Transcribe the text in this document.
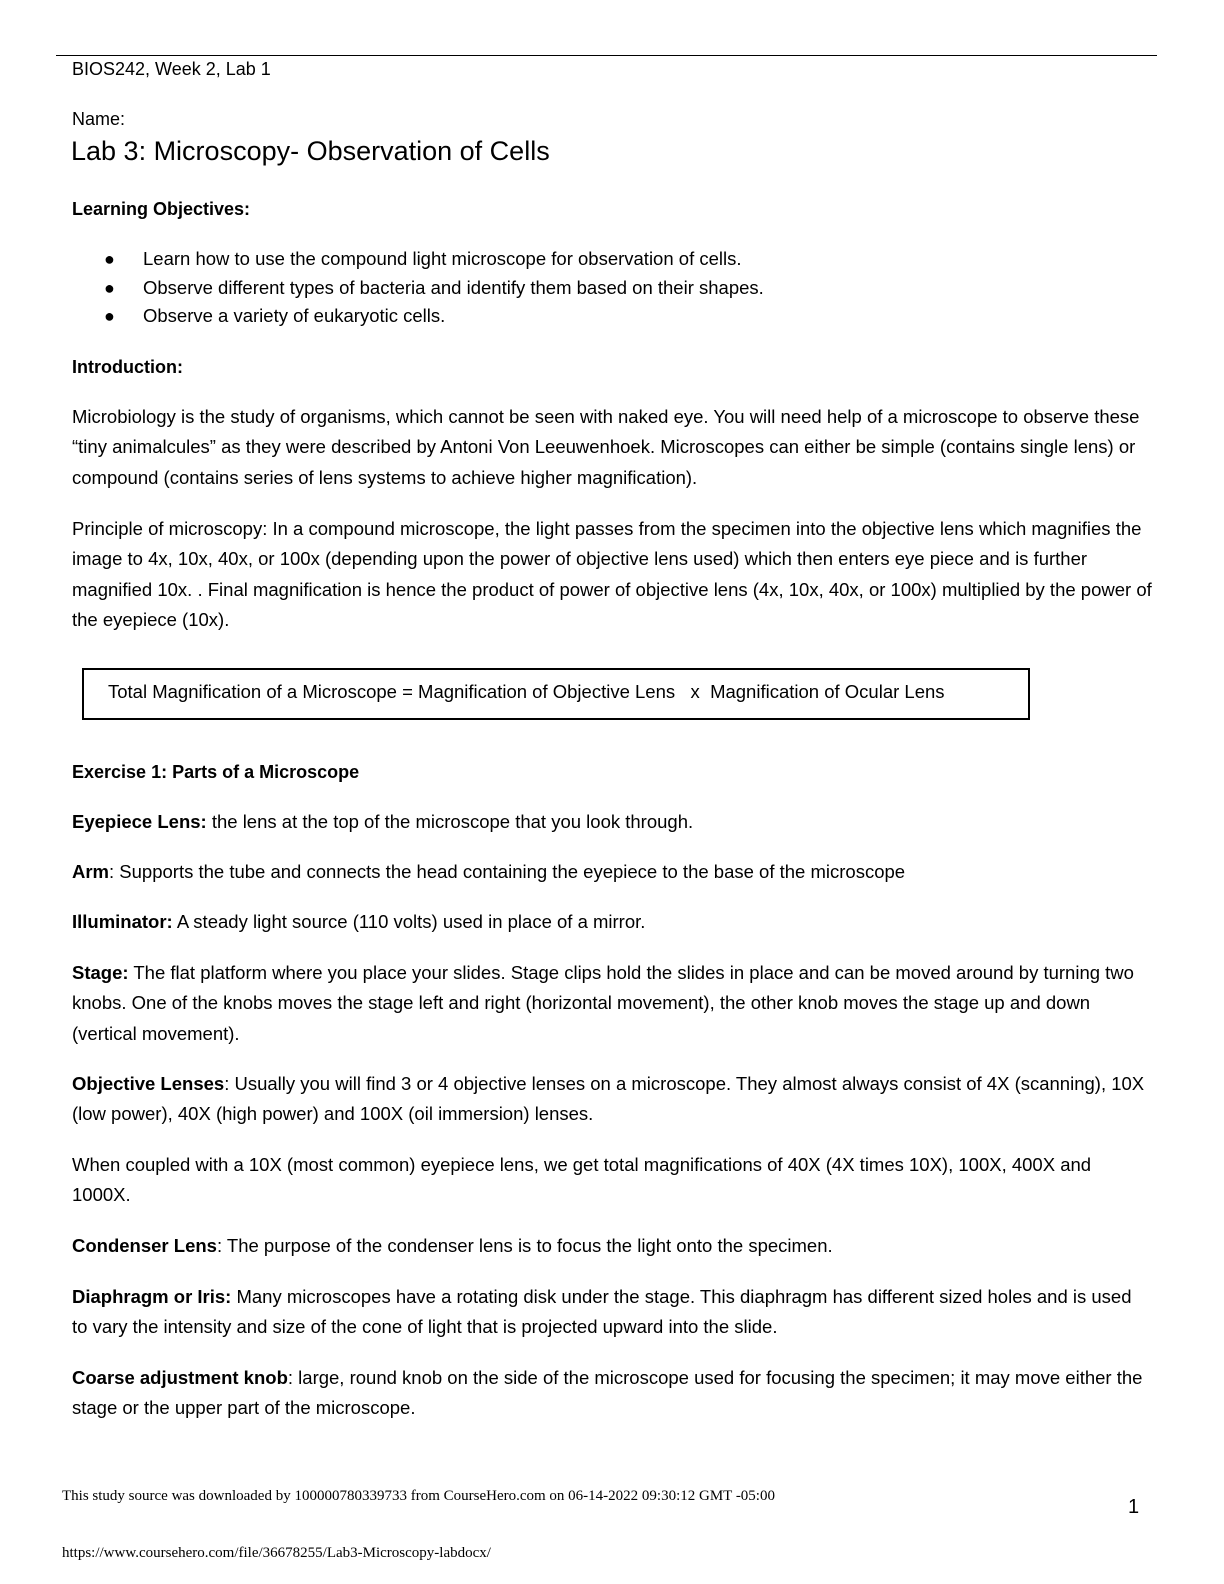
BIOS242, Week 2, Lab 1
Name:
Lab 3: Microscopy- Observation of Cells
Learning Objectives:
● Learn how to use the compound light microscope for observation of cells.
● Observe different types of bacteria and identify them based on their shapes.
● Observe a variety of eukaryotic cells.
Introduction:
Microbiology is the study of organisms, which cannot be seen with naked eye. You will need help of a microscope to observe these “tiny animalcules” as they were described by Antoni Von Leeuwenhoek. Microscopes can either be simple (contains single lens) or compound (contains series of lens systems to achieve higher magnification).
Principle of microscopy: In a compound microscope, the light passes from the specimen into the objective lens which magnifies the image to 4x, 10x, 40x, or 100x (depending upon the power of objective lens used) which then enters eye piece and is further magnified 10x. . Final magnification is hence the product of power of objective lens (4x, 10x, 40x, or 100x) multiplied by the power of the eyepiece (10x).
Total Magnification of a Microscope = Magnification of Objective Lens   x  Magnification of Ocular Lens
Exercise 1: Parts of a Microscope
Eyepiece Lens: the lens at the top of the microscope that you look through.
Arm: Supports the tube and connects the head containing the eyepiece to the base of the microscope
Illuminator: A steady light source (110 volts) used in place of a mirror.
Stage: The flat platform where you place your slides. Stage clips hold the slides in place and can be moved around by turning two knobs. One of the knobs moves the stage left and right (horizontal movement), the other knob moves the stage up and down (vertical movement).
Objective Lenses: Usually you will find 3 or 4 objective lenses on a microscope. They almost always consist of 4X (scanning), 10X (low power), 40X (high power) and 100X (oil immersion) lenses.
When coupled with a 10X (most common) eyepiece lens, we get total magnifications of 40X (4X times 10X), 100X, 400X and 1000X.
Condenser Lens: The purpose of the condenser lens is to focus the light onto the specimen.
Diaphragm or Iris: Many microscopes have a rotating disk under the stage. This diaphragm has different sized holes and is used to vary the intensity and size of the cone of light that is projected upward into the slide.
Coarse adjustment knob: large, round knob on the side of the microscope used for focusing the specimen; it may move either the stage or the upper part of the microscope.
This study source was downloaded by 100000780339733 from CourseHero.com on 06-14-2022 09:30:12 GMT -05:00	1
https://www.coursehero.com/file/36678255/Lab3-Microscopy-labdocx/
